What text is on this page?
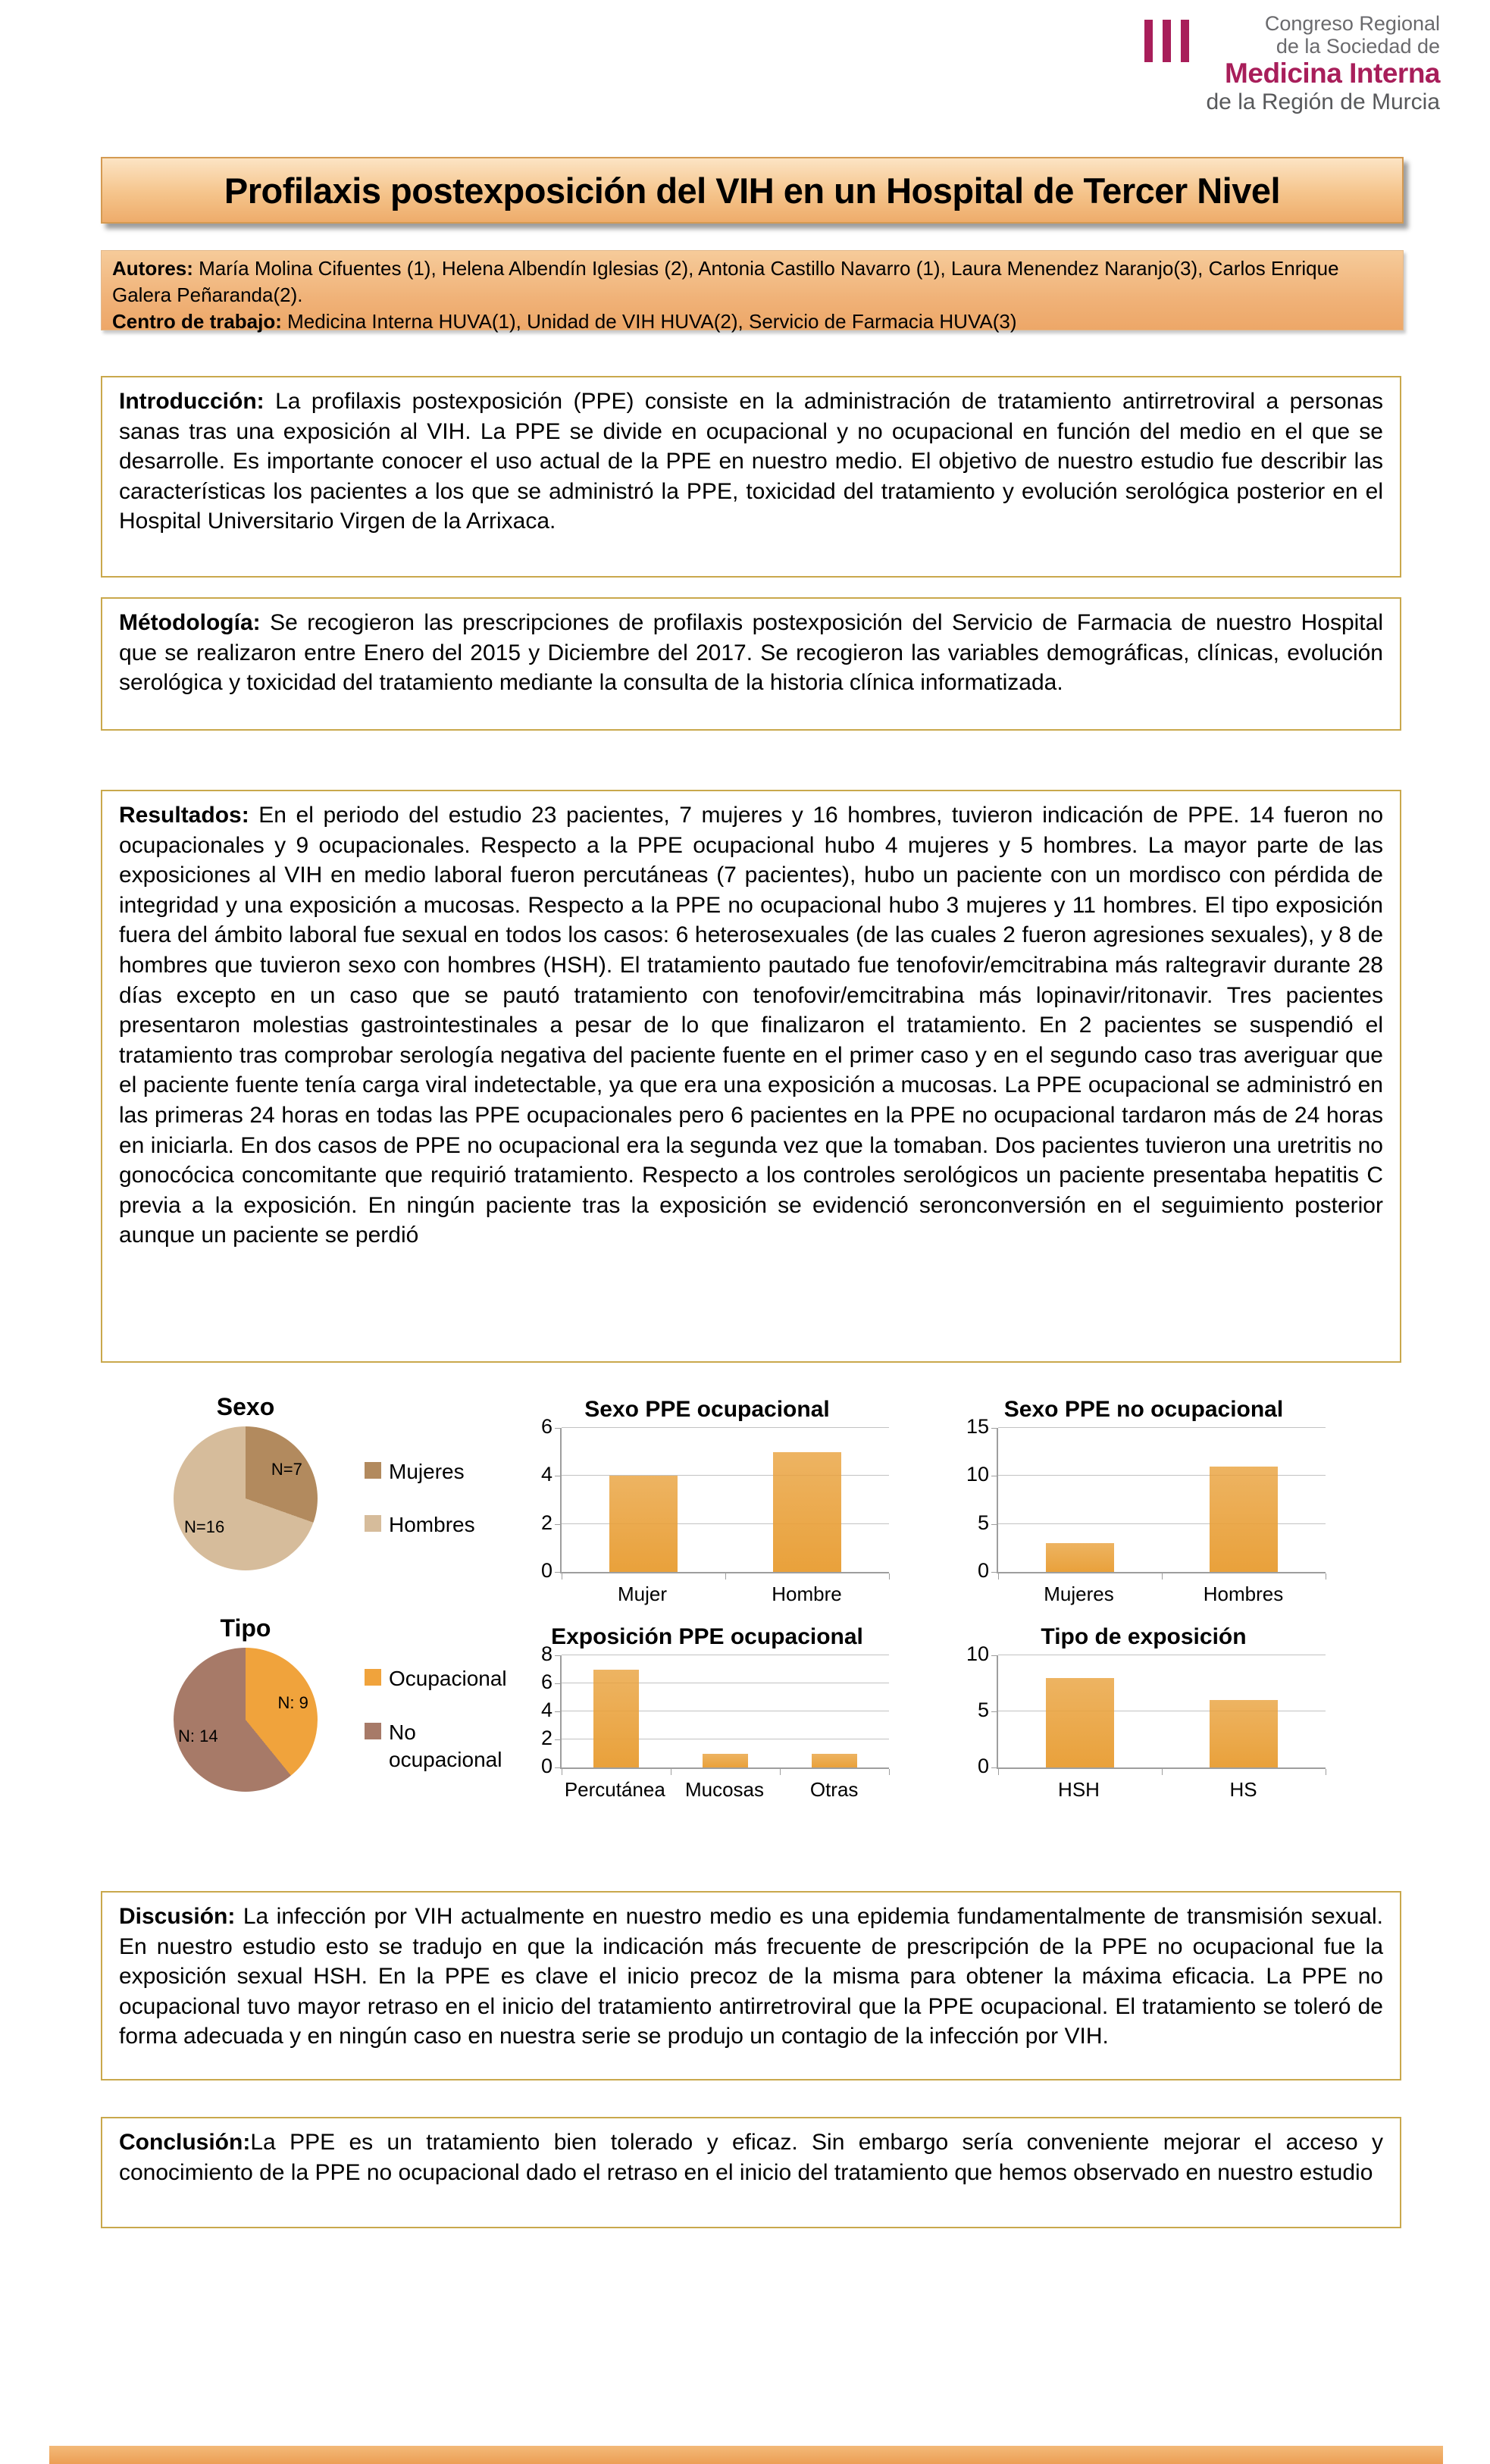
Congreso Regional
de la Sociedad de
Medicina Interna
de la Región de Murcia
Profilaxis postexposición del VIH en un Hospital de Tercer Nivel

Autores: María Molina Cifuentes (1), Helena Albendín Iglesias (2), Antonia Castillo Navarro (1), Laura Menendez Naranjo(3), Carlos Enrique Galera Peñaranda(2).

Centro de trabajo: Medicina Interna HUVA(1), Unidad de VIH HUVA(2), Servicio de Farmacia HUVA(3)

Introducción: La profilaxis postexposición (PPE) consiste en la administración de tratamiento antirretroviral a personas sanas tras una exposición al VIH. La PPE se divide en ocupacional y no ocupacional en función del medio en el que se desarrolle. Es importante conocer el uso actual de la PPE en nuestro medio. El objetivo de nuestro estudio fue describir las características los pacientes a los que se administró la PPE, toxicidad del tratamiento y evolución serológica posterior en el Hospital Universitario Virgen de la Arrixaca.
Métodología: Se recogieron las prescripciones de profilaxis postexposición del Servicio de Farmacia de nuestro Hospital que se realizaron entre Enero del 2015 y Diciembre del 2017. Se recogieron las variables demográficas, clínicas, evolución serológica y toxicidad del tratamiento mediante la consulta de la historia clínica informatizada.
Resultados: En el periodo del estudio 23 pacientes, 7 mujeres y 16 hombres, tuvieron indicación de PPE. 14 fueron no ocupacionales y 9 ocupacionales. Respecto a la PPE ocupacional hubo 4 mujeres y 5 hombres. La mayor parte de las exposiciones al VIH en medio laboral fueron percutáneas (7 pacientes), hubo un paciente con un mordisco con pérdida de integridad y una exposición a mucosas. Respecto a la PPE no ocupacional hubo 3 mujeres y 11 hombres. El tipo exposición fuera del ámbito laboral fue sexual en todos los casos: 6 heterosexuales (de las cuales 2 fueron agresiones sexuales), y 8 de hombres que tuvieron sexo con hombres (HSH). El tratamiento pautado fue tenofovir/emcitrabina más raltegravir durante 28 días excepto en un caso que se pautó tratamiento con tenofovir/emcitrabina más lopinavir/ritonavir. Tres pacientes presentaron molestias gastrointestinales a pesar de lo que finalizaron el tratamiento. En 2 pacientes se suspendió el tratamiento tras comprobar serología negativa del paciente fuente en el primer caso y en el segundo caso tras averiguar que el paciente fuente tenía carga viral indetectable, ya que era una exposición a mucosas. La PPE ocupacional se administró en las primeras 24 horas en todas las PPE ocupacionales pero 6 pacientes en la PPE no ocupacional tardaron más de 24 horas en iniciarla. En dos casos de PPE no ocupacional era la segunda vez que la tomaban. Dos pacientes tuvieron una uretritis no gonocócica concomitante que requirió tratamiento. Respecto a los controles serológicos un paciente presentaba hepatitis C previa a la exposición. En ningún paciente tras la exposición se evidenció seronconversión en el seguimiento posterior aunque un paciente se perdió
Sexo
N=7
N=16
Mujeres
Hombres
Sexo PPE ocupacional
0
2
4
6
Mujer	Hombre
Sexo PPE no ocupacional
0
5
10
15
Mujeres	Hombres
Tipo
N: 9
N: 14
Ocupacional
No ocupacional
Exposición PPE ocupacional
0
2
4
6
8
Percutánea	Mucosas	Otras
Tipo de exposición
0
5
10
HSH	HS
Discusión: La infección por VIH actualmente en nuestro medio es una epidemia fundamentalmente de transmisión sexual. En nuestro estudio esto se tradujo en que la indicación más frecuente de prescripción de la PPE no ocupacional fue la exposición sexual HSH. En la PPE es clave el inicio precoz de la misma para obtener la máxima eficacia. La PPE no ocupacional tuvo mayor retraso en el inicio del tratamiento antirretroviral que la PPE ocupacional. El tratamiento se toleró de forma adecuada y en ningún caso en nuestra serie se produjo un contagio de la infección por VIH.
Conclusión:La PPE es un tratamiento bien tolerado y eficaz. Sin embargo sería conveniente mejorar el acceso y conocimiento de la PPE no ocupacional dado el retraso en el inicio del tratamiento que hemos observado en nuestro estudio
